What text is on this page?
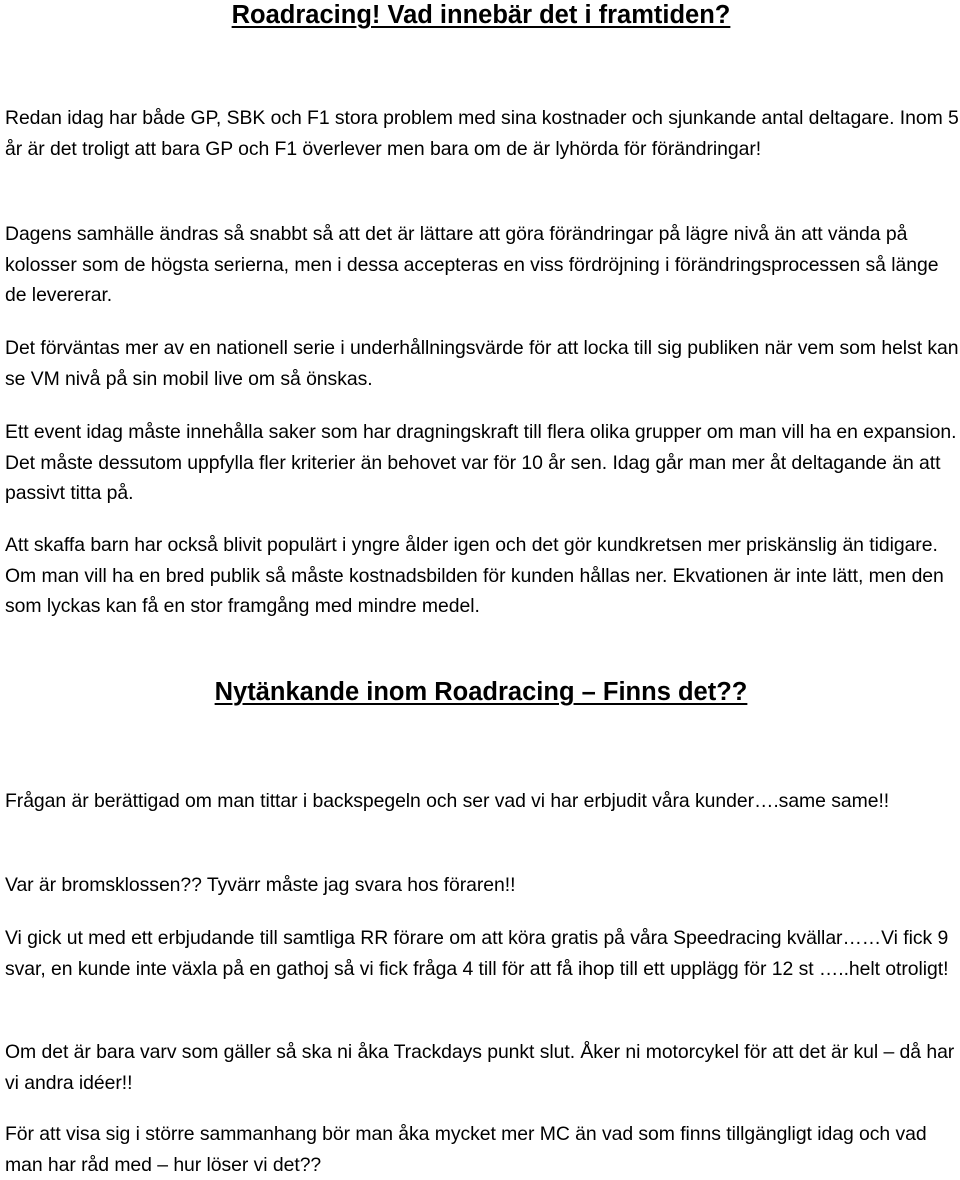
Roadracing! Vad innebär det i framtiden?

Redan idag har både GP, SBK och F1 stora problem med sina kostnader och sjunkande antal deltagare. Inom 5 år är det troligt att bara GP och F1 överlever men bara om de är lyhörda för förändringar!

Dagens samhälle ändras så snabbt så att det är lättare att göra förändringar på lägre nivå än att vända på kolosser som de högsta serierna, men i dessa accepteras en viss fördröjning i förändringsprocessen så länge de levererar.

Det förväntas mer av en nationell serie i underhållningsvärde för att locka till sig publiken när vem som helst kan se VM nivå på sin mobil live om så önskas.

Ett event idag måste innehålla saker som har dragningskraft till flera olika grupper om man vill ha en expansion. Det måste dessutom uppfylla fler kriterier än behovet var för 10 år sen. Idag går man mer åt deltagande än att passivt titta på.

Att skaffa barn har också blivit populärt i yngre ålder igen och det gör kundkretsen mer priskänslig än tidigare. Om man vill ha en bred publik så måste kostnadsbilden för kunden hållas ner. Ekvationen är inte lätt, men den som lyckas kan få en stor framgång med mindre medel.

Nytänkande inom Roadracing – Finns det??

Frågan är berättigad om man tittar i backspegeln och ser vad vi har erbjudit våra kunder….same same!!

Var är bromsklossen?? Tyvärr måste jag svara hos föraren!!

Vi gick ut med ett erbjudande till samtliga RR förare om att köra gratis på våra Speedracing kvällar……Vi fick 9 svar, en kunde inte växla på en gathoj så vi fick fråga 4 till för att få ihop till ett upplägg för 12 st …..helt otroligt!

Om det är bara varv som gäller så ska ni åka Trackdays punkt slut. Åker ni motorcykel för att det är kul – då har vi andra idéer!!

För att visa sig i större sammanhang bör man åka mycket mer MC än vad som finns tillgängligt idag och vad man har råd med – hur löser vi det??
